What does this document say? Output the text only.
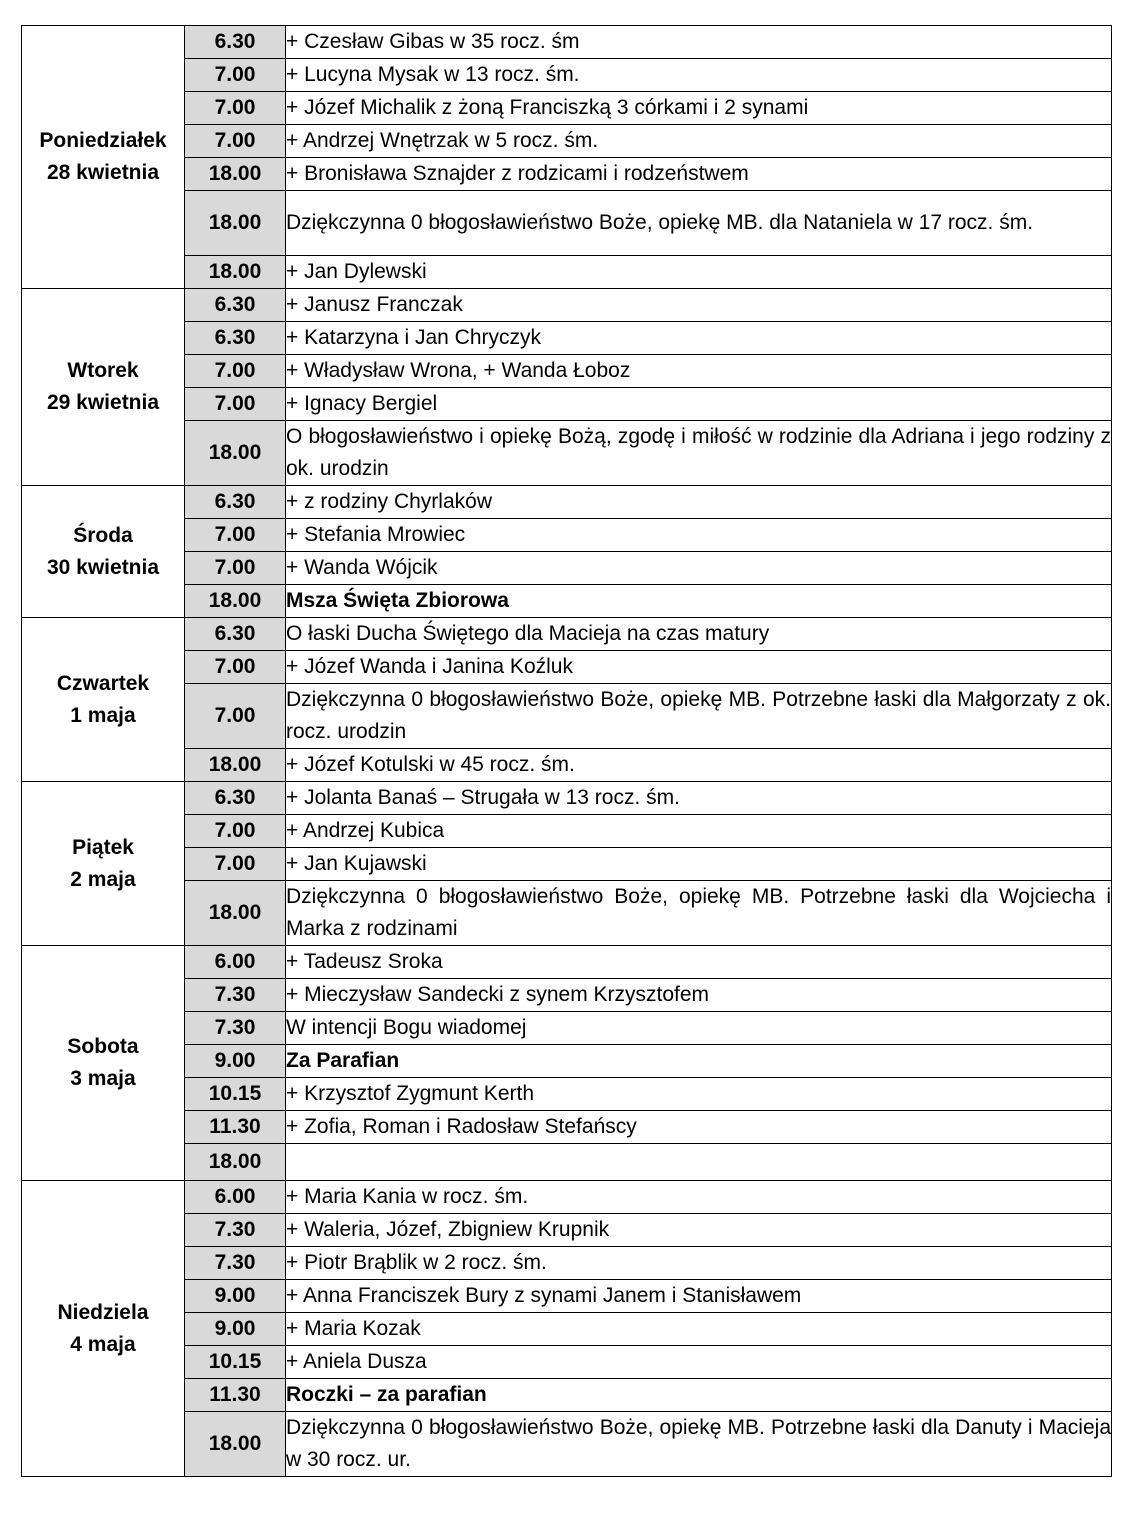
Poniedziałek
28 kwietnia	6.30	+ Czesław Gibas w 35 rocz. śm
	7.00	+ Lucyna Mysak w 13 rocz. śm.
	7.00	+ Józef Michalik z żoną Franciszką 3 córkami i 2 synami
	7.00	+ Andrzej Wnętrzak w 5 rocz. śm.
	18.00	+ Bronisława Sznajder z rodzicami i rodzeństwem
	18.00	Dziękczynna 0 błogosławieństwo Boże, opiekę MB. dla Nataniela w 17 rocz. śm.
	18.00	+ Jan Dylewski

Wtorek
29 kwietnia	6.30	+ Janusz Franczak
	6.30	+ Katarzyna i Jan Chryczyk
	7.00	+ Władysław Wrona, + Wanda Łoboz
	7.00	+ Ignacy Bergiel
	18.00	O błogosławieństwo i opiekę Bożą, zgodę i miłość w rodzinie dla Adriana i jego rodziny z ok. urodzin

Środa
30 kwietnia	6.30	+ z rodziny Chyrlaków
	7.00	+ Stefania Mrowiec
	7.00	+ Wanda Wójcik
	18.00	Msza Święta Zbiorowa

Czwartek
1 maja	6.30	O łaski Ducha Świętego dla Macieja na czas matury
	7.00	+ Józef Wanda i Janina Koźluk
	7.00	Dziękczynna 0 błogosławieństwo Boże, opiekę MB. Potrzebne łaski dla Małgorzaty z ok. rocz. urodzin
	18.00	+ Józef Kotulski w 45 rocz. śm.

Piątek
2 maja	6.30	+ Jolanta Banaś – Strugała w 13 rocz. śm.
	7.00	+ Andrzej Kubica
	7.00	+ Jan Kujawski
	18.00	Dziękczynna 0 błogosławieństwo Boże, opiekę MB. Potrzebne łaski dla Wojciecha i Marka z rodzinami

Sobota
3 maja	6.00	+ Tadeusz Sroka
	7.30	+ Mieczysław Sandecki z synem Krzysztofem
	7.30	W intencji Bogu wiadomej
	9.00	Za Parafian
	10.15	+ Krzysztof Zygmunt Kerth
	11.30	+ Zofia, Roman i Radosław Stefańscy
	18.00	

Niedziela
4 maja	6.00	+ Maria Kania w rocz. śm.
	7.30	+ Waleria, Józef, Zbigniew Krupnik
	7.30	+ Piotr Brąblik w 2 rocz. śm.
	9.00	+ Anna Franciszek Bury z synami Janem i Stanisławem
	9.00	+ Maria Kozak
	10.15	+ Aniela Dusza
	11.30	Roczki – za parafian
	18.00	Dziękczynna 0 błogosławieństwo Boże, opiekę MB. Potrzebne łaski dla Danuty i Macieja w 30 rocz. ur.
